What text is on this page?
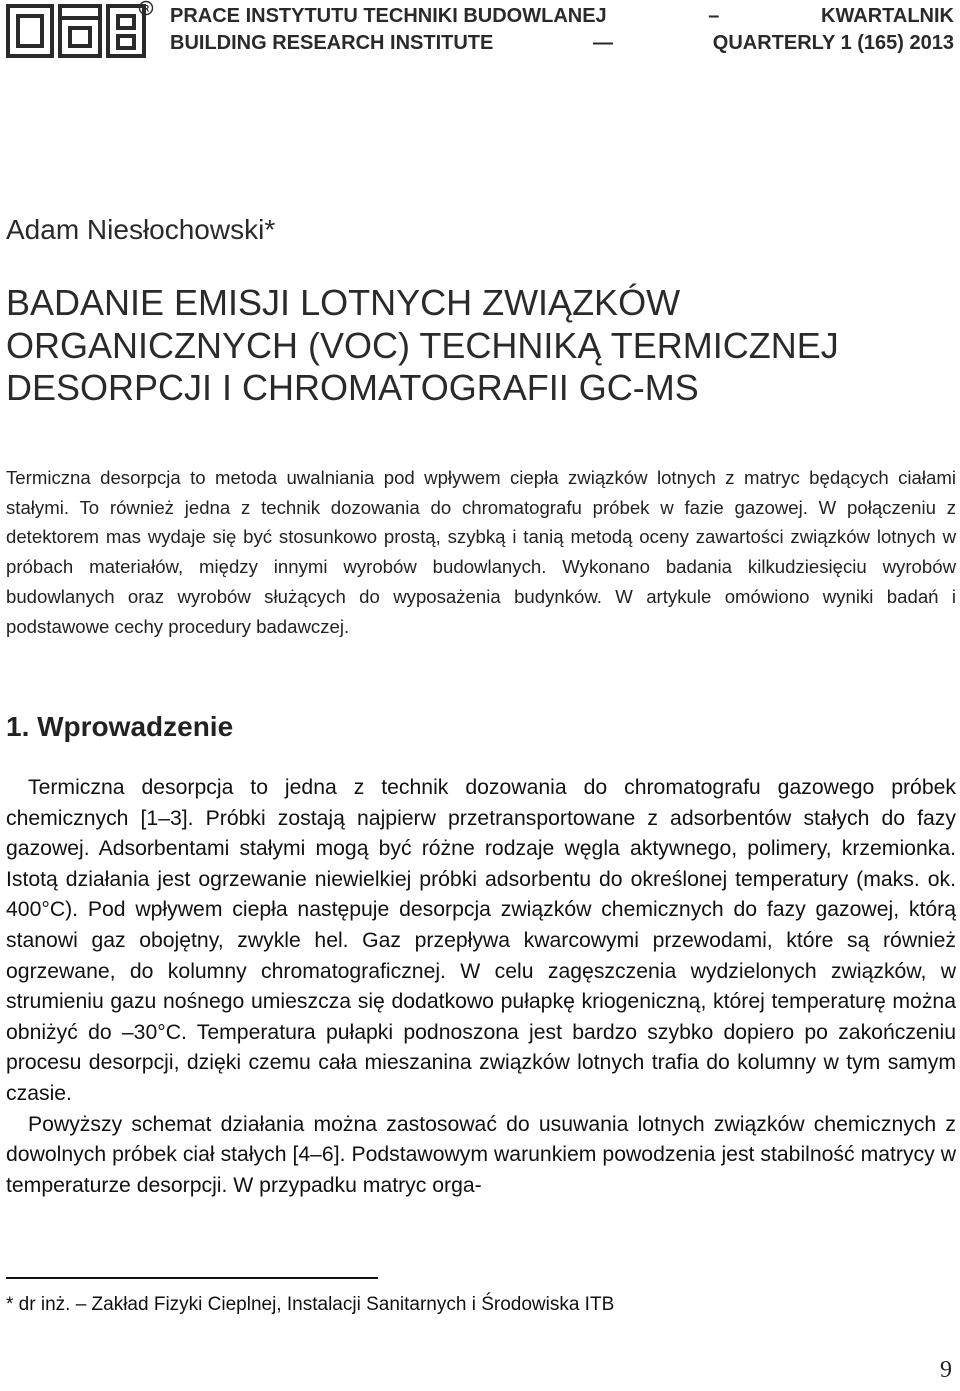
R PRACE INSTYTUTU TECHNIKI BUDOWLANEJ	–	KWARTALNIK
BUILDING RESEARCH INSTITUTE	—	QUARTERLY 1 (165) 2013
Adam Niesłochowski*
BADANIE EMISJI LOTNYCH ZWIĄZKÓW
ORGANICZNYCH (VOC) TECHNIKĄ TERMICZNEJ
DESORPCJI I CHROMATOGRAFII GC-MS
Termiczna desorpcja to metoda uwalniania pod wpływem ciepła związków lotnych z matryc będących ciałami stałymi. To również jedna z technik dozowania do chromatografu próbek w fazie gazowej. W połączeniu z detektorem mas wydaje się być stosunkowo prostą, szybką i tanią metodą oceny zawartości związków lotnych w próbach materiałów, między innymi wyrobów budowlanych. Wykonano badania kilkudziesięciu wyrobów budowlanych oraz wyrobów służących do wyposażenia budynków. W artykule omówiono wyniki badań i podstawowe cechy procedury badawczej.
1. Wprowadzenie

Termiczna desorpcja to jedna z technik dozowania do chromatografu gazowego próbek chemicznych [1–3]. Próbki zostają najpierw przetransportowane z adsorbentów stałych do fazy gazowej. Adsorbentami stałymi mogą być różne rodzaje węgla aktywnego, polimery, krzemionka. Istotą działania jest ogrzewanie niewielkiej próbki adsorbentu do określonej temperatury (maks. ok. 400°C). Pod wpływem ciepła następuje desorpcja związków chemicznych do fazy gazowej, którą stanowi gaz obojętny, zwykle hel. Gaz przepływa kwarcowymi przewodami, które są również ogrzewane, do kolumny chromatograficznej. W celu zagęszczenia wydzielonych związków, w strumieniu gazu nośnego umieszcza się dodatkowo pułapkę kriogeniczną, której temperaturę można obniżyć do –30°C. Temperatura pułapki podnoszona jest bardzo szybko dopiero po zakończeniu procesu desorpcji, dzięki czemu cała mieszanina związków lotnych trafia do kolumny w tym samym czasie.

Powyższy schemat działania można zastosować do usuwania lotnych związków chemicznych z dowolnych próbek ciał stałych [4–6]. Podstawowym warunkiem powodzenia jest stabilność matrycy w temperaturze desorpcji. W przypadku matryc orga-

* dr inż. – Zakład Fizyki Cieplnej, Instalacji Sanitarnych i Środowiska ITB
9
